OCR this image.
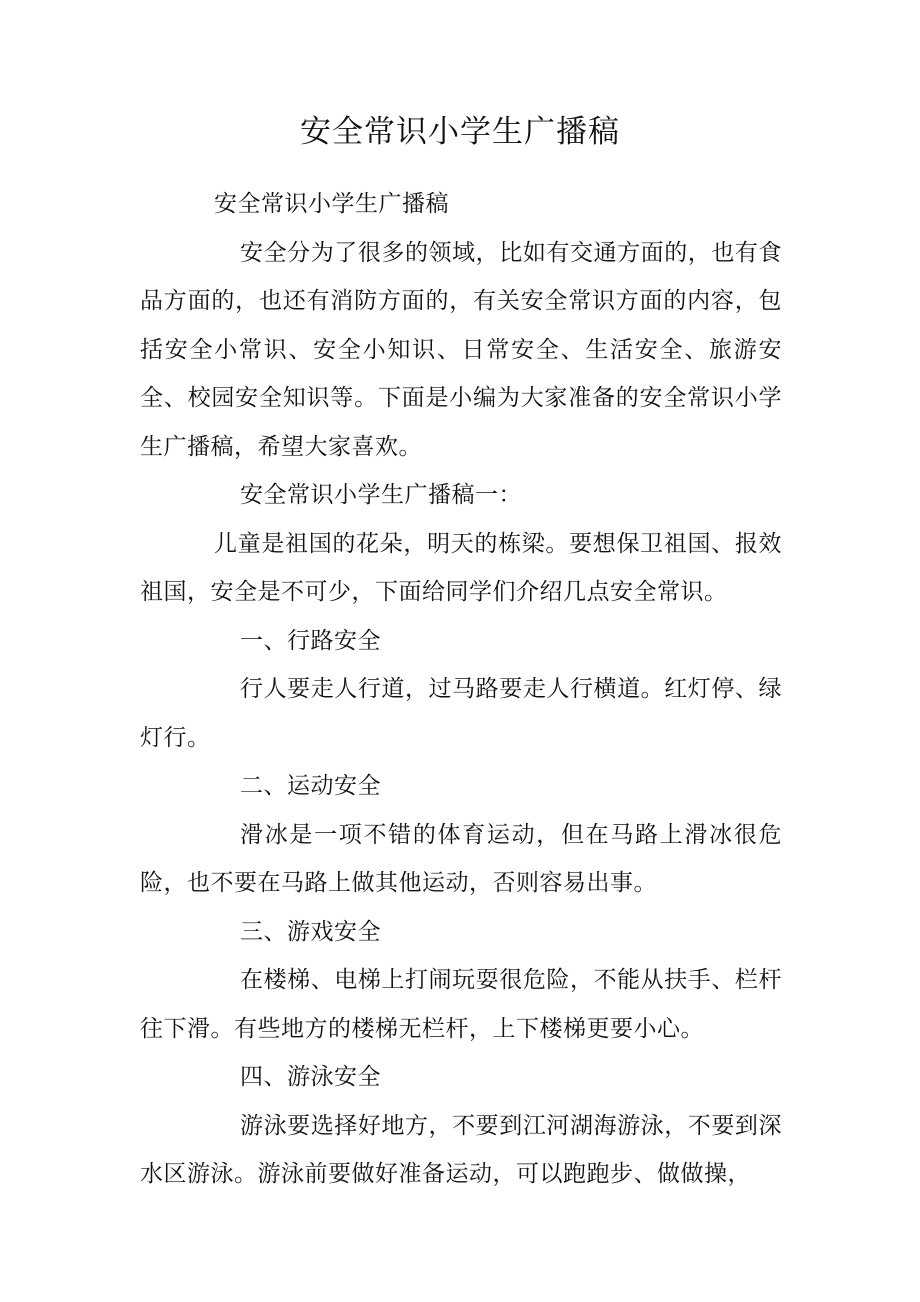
安全常识小学生广播稿

安全常识小学生广播稿

安全分为了很多的领域，比如有交通方面的，也有食品方面的，也还有消防方面的，有关安全常识方面的内容，包括安全小常识、安全小知识、日常安全、生活安全、旅游安全、校园安全知识等。下面是小编为大家准备的安全常识小学生广播稿，希望大家喜欢。

安全常识小学生广播稿一：

儿童是祖国的花朵，明天的栋梁。要想保卫祖国、报效祖国，安全是不可少，下面给同学们介绍几点安全常识。

一、行路安全

行人要走人行道，过马路要走人行横道。红灯停、绿灯行。

二、运动安全

滑冰是一项不错的体育运动，但在马路上滑冰很危险，也不要在马路上做其他运动，否则容易出事。

三、游戏安全

在楼梯、电梯上打闹玩耍很危险，不能从扶手、栏杆往下滑。有些地方的楼梯无栏杆，上下楼梯更要小心。

四、游泳安全

游泳要选择好地方，不要到江河湖海游泳，不要到深水区游泳。游泳前要做好准备运动，可以跑跑步、做做操，
